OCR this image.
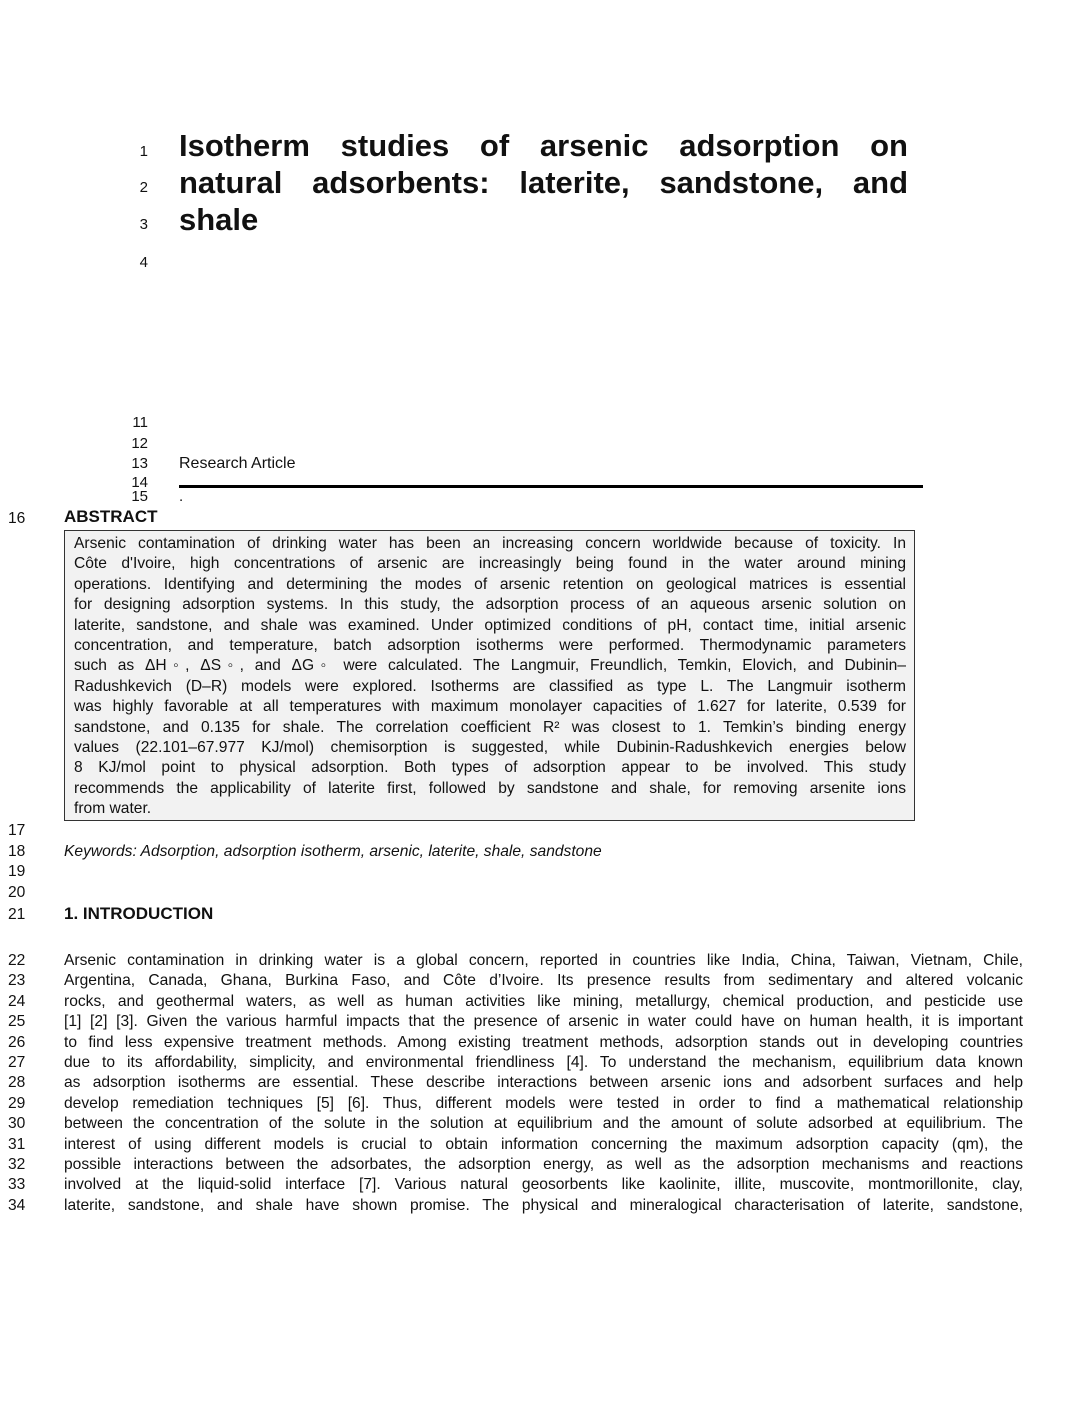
1
2
3
4
Isotherm studies of arsenic adsorption on
natural adsorbents: laterite, sandstone, and
shale
11
12
13
14
15
Research Article
.
16	ABSTRACT
Arsenic contamination of drinking water has been an increasing concern worldwide because of toxicity. In
Côte d'Ivoire, high concentrations of arsenic are increasingly being found in the water around mining
operations. Identifying and determining the modes of arsenic retention on geological matrices is essential
for designing adsorption systems. In this study, the adsorption process of an aqueous arsenic solution on
laterite, sandstone, and shale was examined. Under optimized conditions of pH, contact time, initial arsenic
concentration, and temperature, batch adsorption isotherms were performed. Thermodynamic parameters
such as ΔH◦, ΔS◦, and ΔG◦ were calculated. The Langmuir, Freundlich, Temkin, Elovich, and Dubinin–
Radushkevich (D–R) models were explored. Isotherms are classified as type L. The Langmuir isotherm
was highly favorable at all temperatures with maximum monolayer capacities of 1.627 for laterite, 0.539 for
sandstone, and 0.135 for shale. The correlation coefficient R² was closest to 1. Temkin’s binding energy
values (22.101–67.977 KJ/mol) chemisorption is suggested, while Dubinin-Radushkevich energies below
8 KJ/mol point to physical adsorption. Both types of adsorption appear to be involved. This study
recommends the applicability of laterite first, followed by sandstone and shale, for removing arsenite ions
from water.
17
18
19
20
Keywords: Adsorption, adsorption isotherm, arsenic, laterite, shale, sandstone
21	1. INTRODUCTION
22	Arsenic contamination in drinking water is a global concern, reported in countries like India, China, Taiwan, Vietnam, Chile,
23	Argentina, Canada, Ghana, Burkina Faso, and Côte d’Ivoire. Its presence results from sedimentary and altered volcanic
24	rocks, and geothermal waters, as well as human activities like mining, metallurgy, chemical production, and pesticide use
25	[1] [2] [3]. Given the various harmful impacts that the presence of arsenic in water could have on human health, it is important
26	to find less expensive treatment methods. Among existing treatment methods, adsorption stands out in developing countries
27	due to its affordability, simplicity, and environmental friendliness [4]. To understand the mechanism, equilibrium data known
28	as adsorption isotherms are essential. These describe interactions between arsenic ions and adsorbent surfaces and help
29	develop remediation techniques [5] [6]. Thus, different models were tested in order to find a mathematical relationship
30	between the concentration of the solute in the solution at equilibrium and the amount of solute adsorbed at equilibrium. The
31	interest of using different models is crucial to obtain information concerning the maximum adsorption capacity (qm), the
32	possible interactions between the adsorbates, the adsorption energy, as well as the adsorption mechanisms and reactions
33	involved at the liquid-solid interface [7]. Various natural geosorbents like kaolinite, illite, muscovite, montmorillonite, clay,
34	laterite, sandstone, and shale have shown promise. The physical and mineralogical characterisation of laterite, sandstone,
